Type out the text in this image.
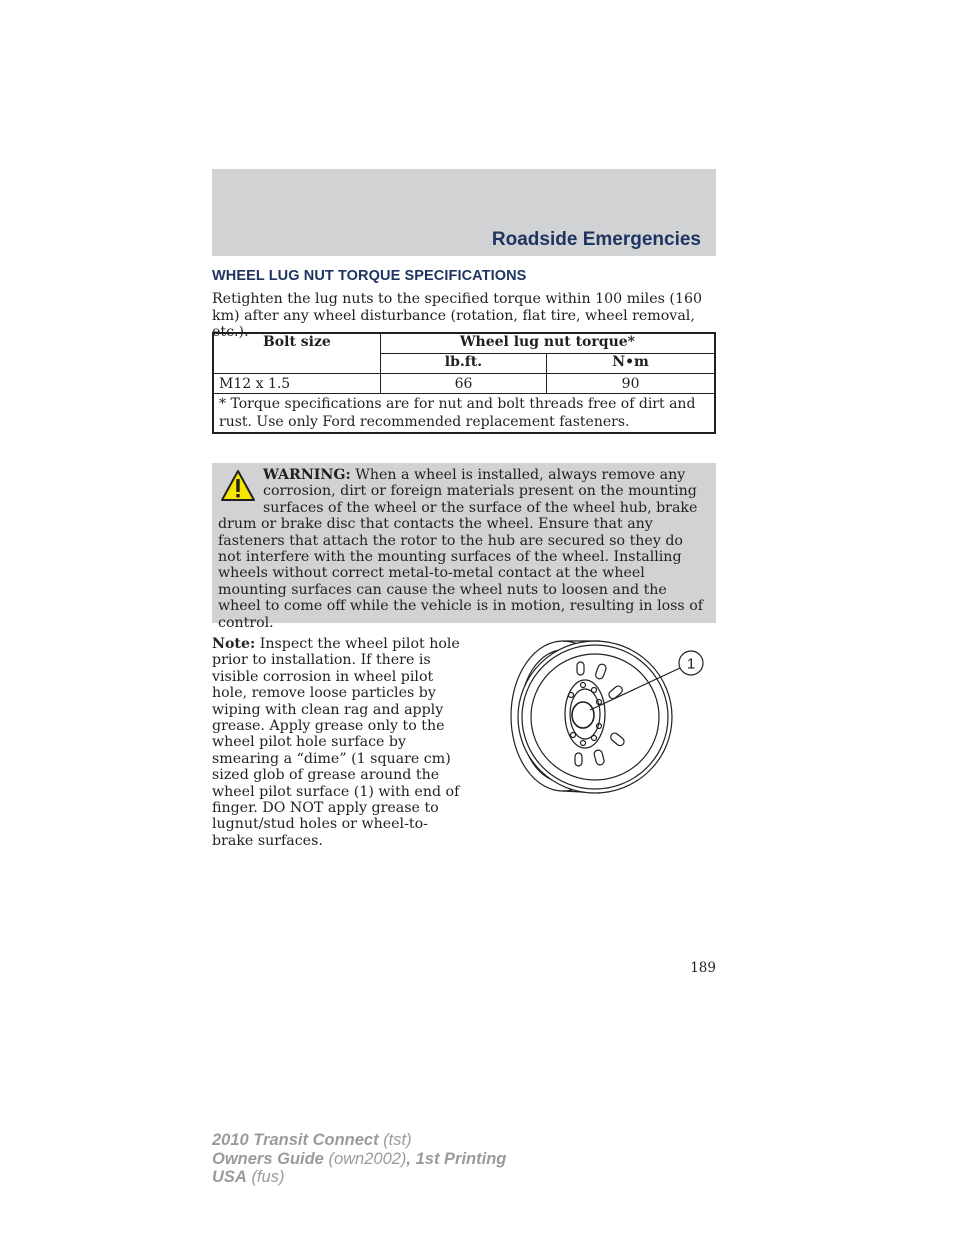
Roadside Emergencies
WHEEL LUG NUT TORQUE SPECIFICATIONS
Retighten the lug nuts to the specified torque within 100 miles (160 km) after any wheel disturbance (rotation, flat tire, wheel removal, etc.).
Bolt size	Wheel lug nut torque*	
	lb.ft.	N•m
M12 x 1.5	66	90
* Torque specifications are for nut and bolt threads free of dirt and rust. Use only Ford recommended replacement fasteners.		
WARNING: When a wheel is installed, always remove any corrosion, dirt or foreign materials present on the mounting surfaces of the wheel or the surface of the wheel hub, brake drum or brake disc that contacts the wheel. Ensure that any fasteners that attach the rotor to the hub are secured so they do not interfere with the mounting surfaces of the wheel. Installing wheels without correct metal-to-metal contact at the wheel mounting surfaces can cause the wheel nuts to loosen and the wheel to come off while the vehicle is in motion, resulting in loss of control.
Note: Inspect the wheel pilot hole prior to installation. If there is visible corrosion in wheel pilot hole, remove loose particles by wiping with clean rag and apply grease. Apply grease only to the wheel pilot hole surface by smearing a “dime” (1 square cm) sized glob of grease around the wheel pilot surface (1) with end of finger. DO NOT apply grease to lugnut/stud holes or wheel-to-brake surfaces.
1
189
2010 Transit Connect (tst)
Owners Guide (own2002), 1st Printing
USA (fus)
